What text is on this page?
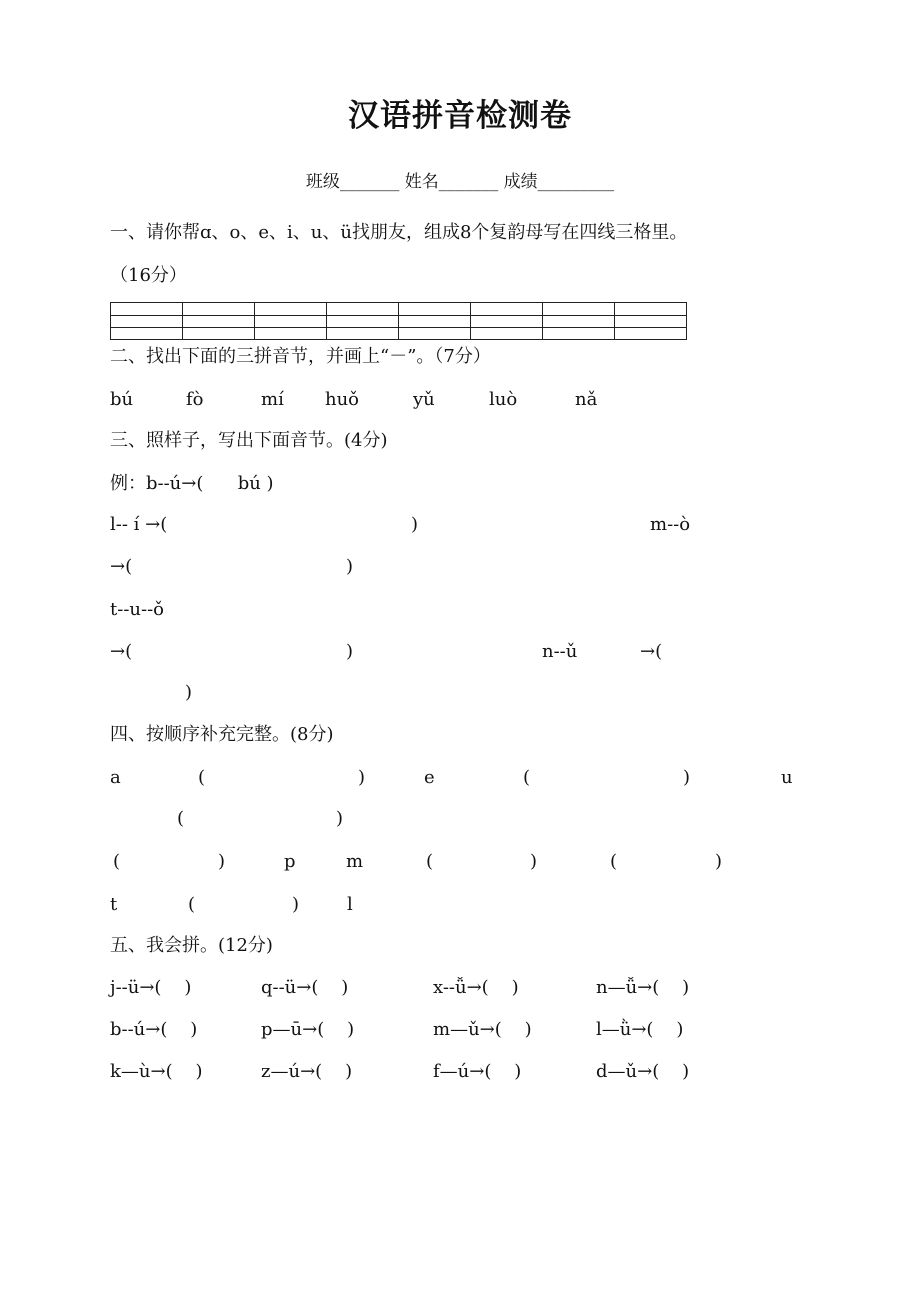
汉语拼音检测卷
班级_______ 姓名_______ 成绩_________
一、请你帮ɑ、o、e、i、u、ü找朋友，组成8个复韵母写在四线三格里。
（16分）

二、找出下面的三拼音节，并画上“－”。（7分）
bú	fò	mí huǒ	yǔ	luò	nǎ
三、照样子，写出下面音节。(4分)
例：b--ú→(      bú )
l-- í →(	)	m--ò
→(	)
t--u--ǒ
→(	)	n--ǔ	→(
)
四、按顺序补充完整。(8分)
a	(	)	e	(	)	u
(	)
(	)	p	m	(	)	(	)
t	(	)	l
五、我会拼。(12分)
j--ü→(    )	q--ü→(    )	x--ǚ→(    )	n—ǚ→(    )
b--ú→(    )	p—ū→(    )	m—ǔ→(    )	l—ǜ→(    )
k—ù→(    )	z—ú→(    )	f—ú→(    )	d—ǔ→(    )
